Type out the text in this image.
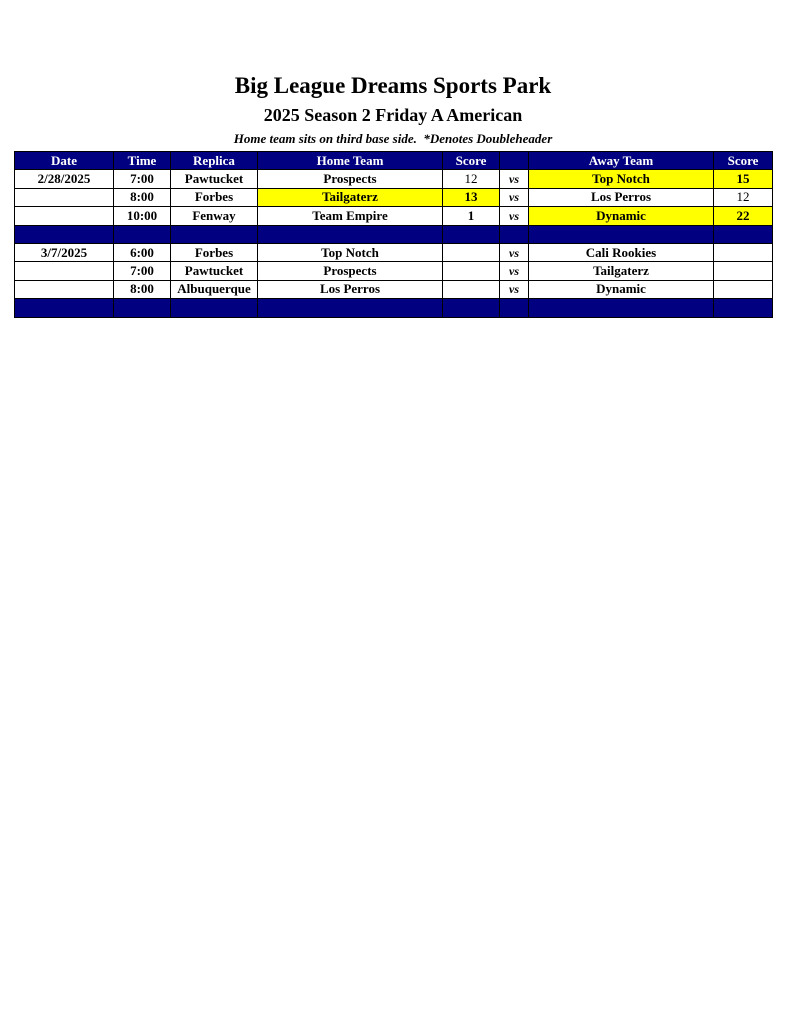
Big League Dreams Sports Park
2025 Season 2 Friday A American
Home team sits on third base side.  *Denotes Doubleheader
Date	Time	Replica	Home Team	Score		Away Team	Score
2/28/2025	7:00	Pawtucket	Prospects	12	vs	Top Notch	15
	8:00	Forbes	Tailgaterz	13	vs	Los Perros	12
	10:00	Fenway	Team Empire	1	vs	Dynamic	22

3/7/2025	6:00	Forbes	Top Notch		vs	Cali Rookies	
	7:00	Pawtucket	Prospects		vs	Tailgaterz	
	8:00	Albuquerque	Los Perros		vs	Dynamic	
